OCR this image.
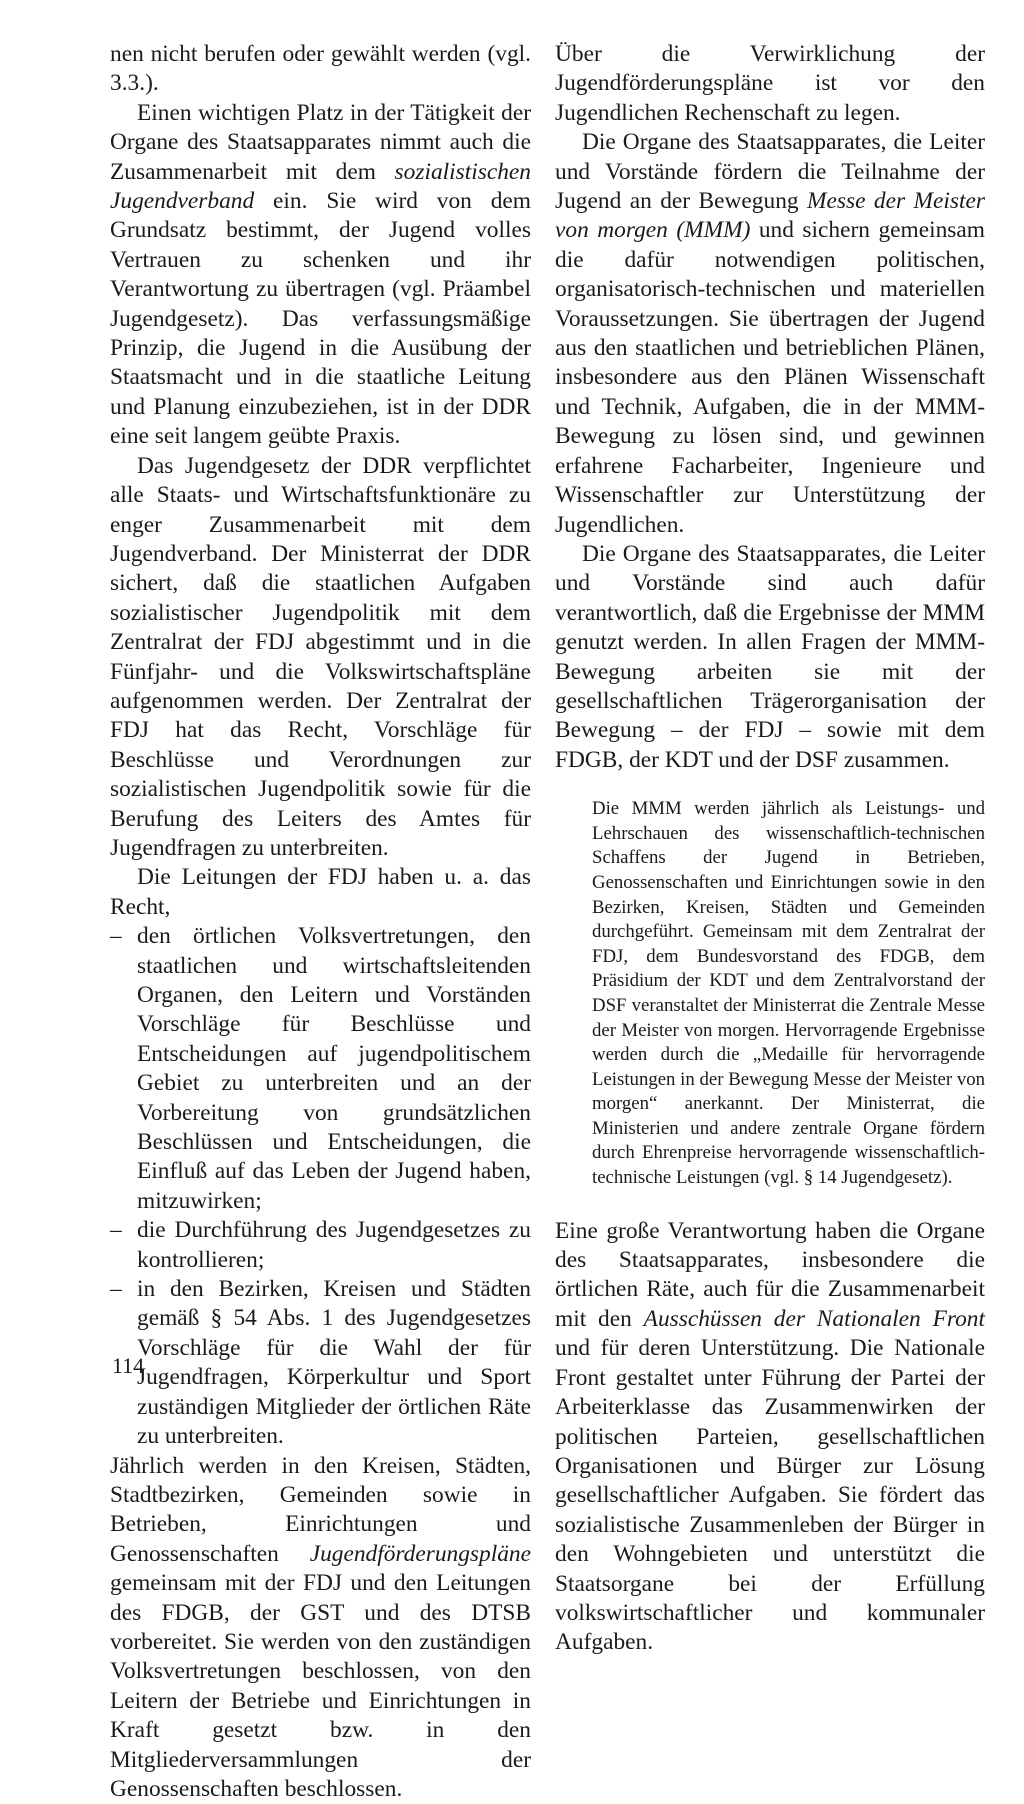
nen nicht berufen oder gewählt werden (vgl. 3.3.).

Einen wichtigen Platz in der Tätigkeit der Organe des Staatsapparates nimmt auch die Zusammenarbeit mit dem sozialistischen Jugendverband ein. Sie wird von dem Grundsatz bestimmt, der Jugend volles Vertrauen zu schenken und ihr Verantwortung zu übertragen (vgl. Präambel Jugendgesetz). Das verfassungsmäßige Prinzip, die Jugend in die Ausübung der Staatsmacht und in die staatliche Leitung und Planung einzubeziehen, ist in der DDR eine seit langem geübte Praxis.

Das Jugendgesetz der DDR verpflichtet alle Staats- und Wirtschaftsfunktionäre zu enger Zusammenarbeit mit dem Jugendverband. Der Ministerrat der DDR sichert, daß die staatlichen Aufgaben sozialistischer Jugendpolitik mit dem Zentralrat der FDJ abgestimmt und in die Fünfjahr- und die Volkswirtschaftspläne aufgenommen werden. Der Zentralrat der FDJ hat das Recht, Vorschläge für Beschlüsse und Verordnungen zur sozialistischen Jugendpolitik sowie für die Berufung des Leiters des Amtes für Jugendfragen zu unterbreiten.

Die Leitungen der FDJ haben u. a. das Recht,

– den örtlichen Volksvertretungen, den staatlichen und wirtschaftsleitenden Organen, den Leitern und Vorständen Vorschläge für Beschlüsse und Entscheidungen auf jugendpolitischem Gebiet zu unterbreiten und an der Vorbereitung von grundsätzlichen Beschlüssen und Entscheidungen, die Einfluß auf das Leben der Jugend haben, mitzuwirken;
– die Durchführung des Jugendgesetzes zu kontrollieren;
– in den Bezirken, Kreisen und Städten gemäß § 54 Abs. 1 des Jugendgesetzes Vorschläge für die Wahl der für Jugendfragen, Körperkultur und Sport zuständigen Mitglieder der örtlichen Räte zu unterbreiten.

Jährlich werden in den Kreisen, Städten, Stadtbezirken, Gemeinden sowie in Betrieben, Einrichtungen und Genossenschaften Jugendförderungspläne gemeinsam mit der FDJ und den Leitungen des FDGB, der GST und des DTSB vorbereitet. Sie werden von den zuständigen Volksvertretungen beschlossen, von den Leitern der Betriebe und Einrichtungen in Kraft gesetzt bzw. in den Mitgliederversammlungen der Genossenschaften beschlossen.

Über die Verwirklichung der Jugendförderungspläne ist vor den Jugendlichen Rechenschaft zu legen.

Die Organe des Staatsapparates, die Leiter und Vorstände fördern die Teilnahme der Jugend an der Bewegung Messe der Meister von morgen (MMM) und sichern gemeinsam die dafür notwendigen politischen, organisatorisch-technischen und materiellen Voraussetzungen. Sie übertragen der Jugend aus den staatlichen und betrieblichen Plänen, insbesondere aus den Plänen Wissenschaft und Technik, Aufgaben, die in der MMM-Bewegung zu lösen sind, und gewinnen erfahrene Facharbeiter, Ingenieure und Wissenschaftler zur Unterstützung der Jugendlichen.

Die Organe des Staatsapparates, die Leiter und Vorstände sind auch dafür verantwortlich, daß die Ergebnisse der MMM genutzt werden. In allen Fragen der MMM-Bewegung arbeiten sie mit der gesellschaftlichen Trägerorganisation der Bewegung – der FDJ – sowie mit dem FDGB, der KDT und der DSF zusammen.

Die MMM werden jährlich als Leistungs- und Lehrschauen des wissenschaftlich-technischen Schaffens der Jugend in Betrieben, Genossenschaften und Einrichtungen sowie in den Bezirken, Kreisen, Städten und Gemeinden durchgeführt. Gemeinsam mit dem Zentralrat der FDJ, dem Bundesvorstand des FDGB, dem Präsidium der KDT und dem Zentralvorstand der DSF veranstaltet der Ministerrat die Zentrale Messe der Meister von morgen. Hervorragende Ergebnisse werden durch die „Medaille für hervorragende Leistungen in der Bewegung Messe der Meister von morgen“ anerkannt. Der Ministerrat, die Ministerien und andere zentrale Organe fördern durch Ehrenpreise hervorragende wissenschaftlich-technische Leistungen (vgl. § 14 Jugendgesetz).

Eine große Verantwortung haben die Organe des Staatsapparates, insbesondere die örtlichen Räte, auch für die Zusammenarbeit mit den Ausschüssen der Nationalen Front und für deren Unterstützung. Die Nationale Front gestaltet unter Führung der Partei der Arbeiterklasse das Zusammenwirken der politischen Parteien, gesellschaftlichen Organisationen und Bürger zur Lösung gesellschaftlicher Aufgaben. Sie fördert das sozialistische Zusammenleben der Bürger in den Wohngebieten und unterstützt die Staatsorgane bei der Erfüllung volkswirtschaftlicher und kommunaler Aufgaben.

114
